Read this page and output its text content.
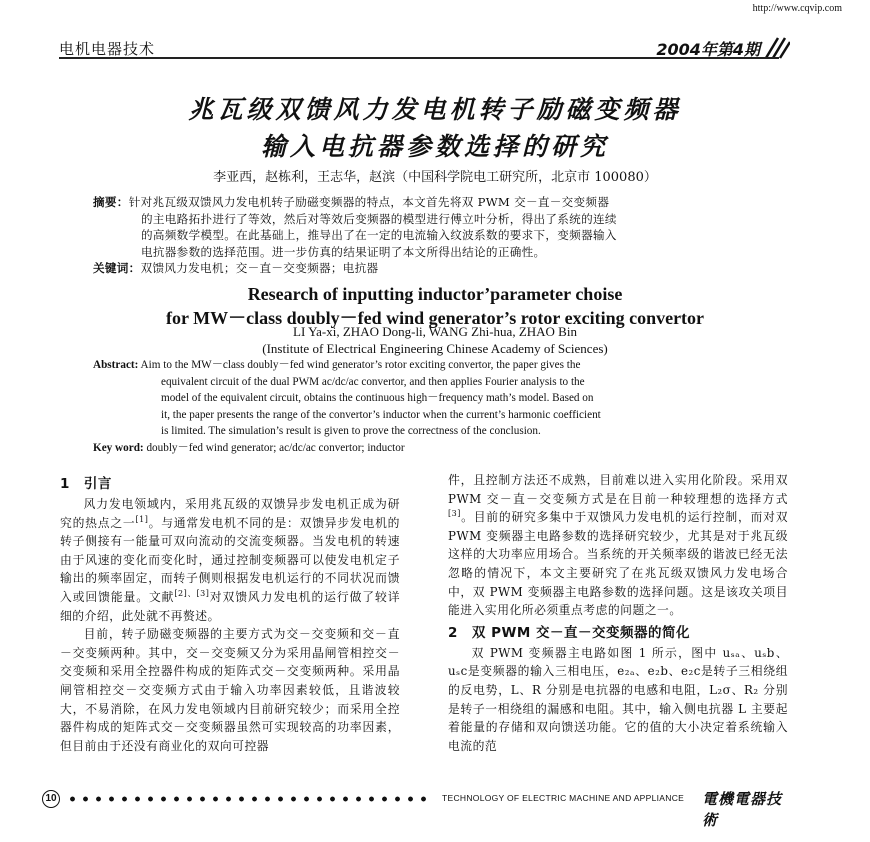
http://www.cqvip.com
电机电器技术	2004年第4期
兆瓦级双馈风力发电机转子励磁变频器
输入电抗器参数选择的研究
李亚西，赵栋利，王志华，赵滨（中国科学院电工研究所，北京市 100080）
摘要：针对兆瓦级双馈风力发电机转子励磁变频器的特点，本文首先将双 PWM 交－直－交变频器
的主电路拓扑进行了等效，然后对等效后变频器的模型进行傅立叶分析，得出了系统的连续
的高频数学模型。在此基础上，推导出了在一定的电流输入纹波系数的要求下，变频器输入
电抗器参数的选择范围。进一步仿真的结果证明了本文所得出结论的正确性。
关键词：双馈风力发电机；交－直－交变频器；电抗器
Research of inputting inductor’parameter choise
for MW－class doubly－fed wind generator’s rotor exciting convertor
LI Ya-xi, ZHAO Dong-li, WANG Zhi-hua, ZHAO Bin
(Institute of Electrical Engineering Chinese Academy of Sciences)
Abstract: Aim to the MW－class doubly－fed wind generator’s rotor exciting convertor, the paper gives the
equivalent circuit of the dual PWM ac/dc/ac convertor, and then applies Fourier analysis to the
model of the equivalent circuit, obtains the continuous high－frequency math’s model. Based on
it, the paper presents the range of the convertor’s inductor when the current’s harmonic coefficient
is limited. The simulation’s result is given to prove the correctness of the conclusion.
Key word: doubly－fed wind generator; ac/dc/ac convertor; inductor

1　引言

风力发电领域内，采用兆瓦级的双馈异步发电机正成为研究的热点之一[1]。与通常发电机不同的是：双馈异步发电机的转子侧接有一能量可双向流动的交流变频器。当发电机的转速由于风速的变化而变化时，通过控制变频器可以使发电机定子输出的频率固定，而转子侧则根据发电机运行的不同状况而馈入或回馈能量。文献[2]、[3]对双馈风力发电机的运行做了较详细的介绍，此处就不再赘述。

目前，转子励磁变频器的主要方式为交－交变频和交－直－交变频两种。其中，交－交变频又分为采用晶闸管相控交－交变频和采用全控器件构成的矩阵式交－交变频两种。采用晶闸管相控交－交变频方式由于输入功率因素较低，且谐波较大，不易消除，在风力发电领域内目前研究较少；而采用全控器件构成的矩阵式交－交变频器虽然可实现较高的功率因素，但目前由于还没有商业化的双向可控器

件，且控制方法还不成熟，目前难以进入实用化阶段。采用双 PWM 交－直－交变频方式是在目前一种较理想的选择方式[3]。目前的研究多集中于双馈风力发电机的运行控制，而对双 PWM 变频器主电路参数的选择研究较少，尤其是对于兆瓦级这样的大功率应用场合。当系统的开关频率级的谐波已经无法忽略的情况下，本文主要研究了在兆瓦级双馈风力发电场合中，双 PWM 变频器主电路参数的选择问题。这是该攻关项目能进入实用化所必须重点考虑的问题之一。

2　双 PWM 交－直－交变频器的简化

双 PWM 变频器主电路如图 1 所示，图中 uₛₐ、uₛb、uₛc是变频器的输入三相电压，e₂ₐ、e₂b、e₂c是转子三相绕组的反电势，L、R 分别是电抗器的电感和电阻，L₂σ、R₂ 分别是转子一相绕组的漏感和电阻。其中，输入侧电抗器 L 主要起着能量的存储和双向馈送功能。它的值的大小决定着系统输入电流的范

10	TECHNOLOGY OF ELECTRIC MACHINE AND APPLIANCE 電機電器技術
